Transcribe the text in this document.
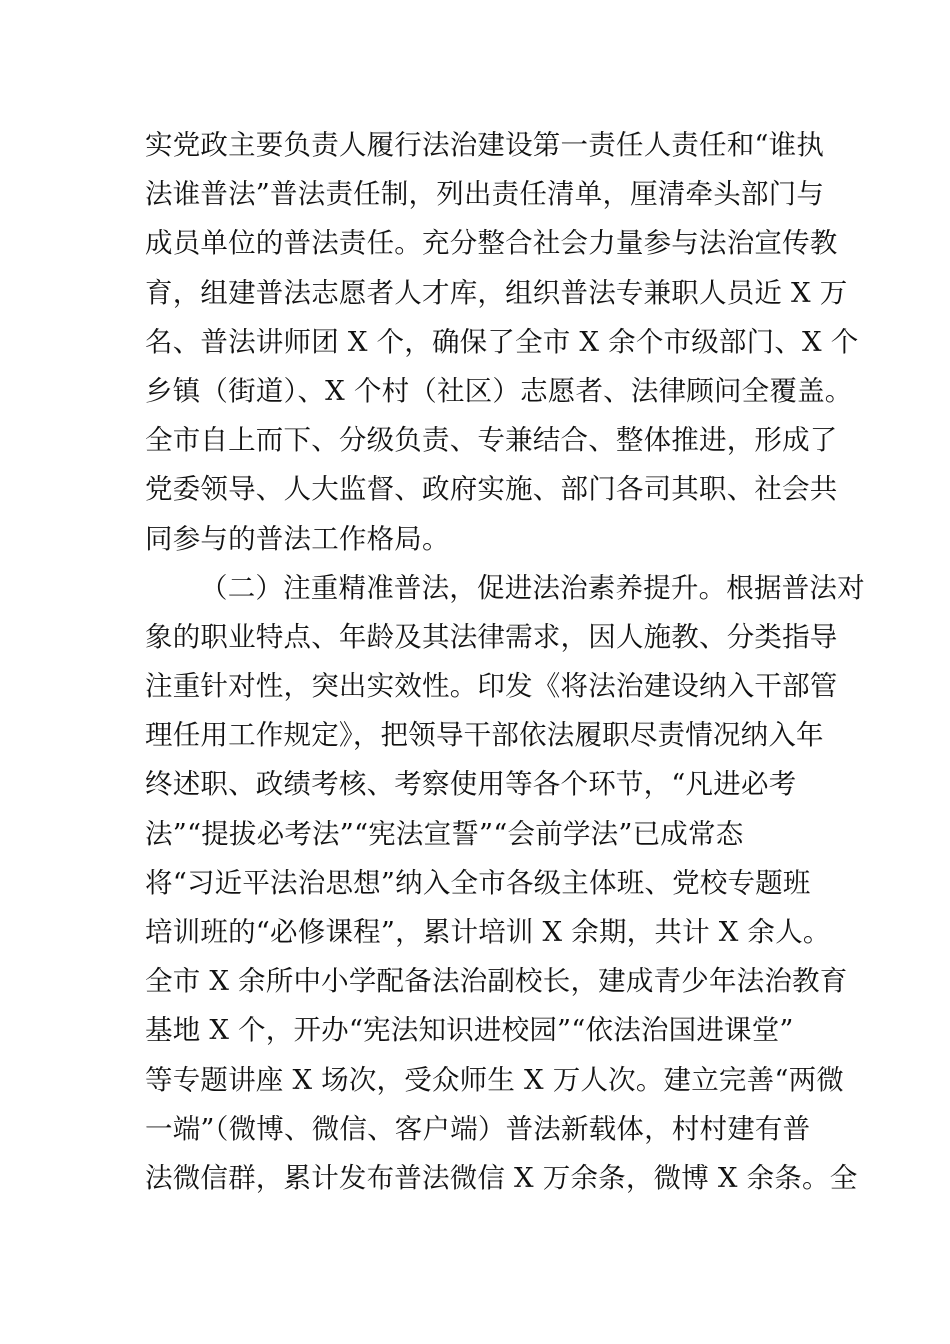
实党政主要负责人履行法治建设第一责任人责任和“谁执
法谁普法”普法责任制，列出责任清单，厘清牵头部门与
成员单位的普法责任。充分整合社会力量参与法治宣传教
育，组建普法志愿者人才库，组织普法专兼职人员近 X 万
名、普法讲师团 X 个，确保了全市 X 余个市级部门、X 个
乡镇（街道）、X 个村（社区）志愿者、法律顾问全覆盖。
全市自上而下、分级负责、专兼结合、整体推进，形成了
党委领导、人大监督、政府实施、部门各司其职、社会共
同参与的普法工作格局。
（二）注重精准普法，促进法治素养提升。根据普法对
象的职业特点、年龄及其法律需求，因人施教、分类指导
注重针对性，突出实效性。印发《将法治建设纳入干部管
理任用工作规定》，把领导干部依法履职尽责情况纳入年
终述职、政绩考核、考察使用等各个环节，“凡进必考
法”“提拔必考法”“宪法宣誓”“会前学法”已成常态
将“习近平法治思想”纳入全市各级主体班、党校专题班
培训班的“必修课程”，累计培训 X 余期，共计 X 余人。
全市 X 余所中小学配备法治副校长，建成青少年法治教育
基地 X 个，开办“宪法知识进校园”“依法治国进课堂”
等专题讲座 X 场次，受众师生 X 万人次。建立完善“两微
一端”（微博、微信、客户端）普法新载体，村村建有普
法微信群，累计发布普法微信 X 万余条，微博 X 余条。全
